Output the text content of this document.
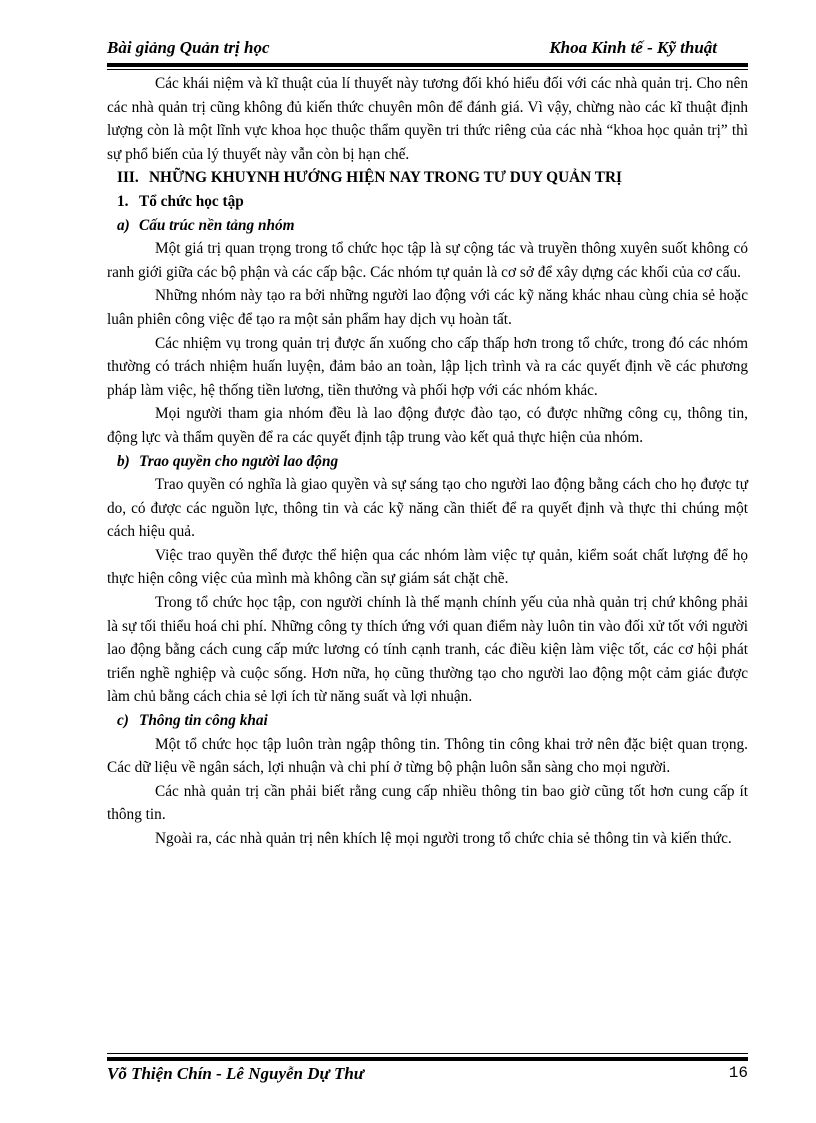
Bài giảng Quản trị học	Khoa Kinh tế - Kỹ thuật

Các khái niệm và kĩ thuật của lí thuyết này tương đối khó hiểu đối với các nhà quản trị. Cho nên các nhà quản trị cũng không đủ kiến thức chuyên môn để đánh giá. Vì vậy, chừng nào các kĩ thuật định lượng còn là một lĩnh vực khoa học thuộc thẩm quyền tri thức riêng của các nhà “khoa học quản trị” thì sự phổ biến của lý thuyết này vẫn còn bị hạn chế.

III. NHỮNG KHUYNH HƯỚNG HIỆN NAY TRONG TƯ DUY QUẢN TRỊ
1. Tổ chức học tập
a) Cấu trúc nền tảng nhóm

Một giá trị quan trọng trong tổ chức học tập là sự cộng tác và truyền thông xuyên suốt không có ranh giới giữa các bộ phận và các cấp bậc. Các nhóm tự quản là cơ sở để xây dựng các khối của cơ cấu.

Những nhóm này tạo ra bởi những người lao động với các kỹ năng khác nhau cùng chia sẻ hoặc luân phiên công việc để tạo ra một sản phẩm hay dịch vụ hoàn tất.

Các nhiệm vụ trong quản trị được ấn xuống cho cấp thấp hơn trong tổ chức, trong đó các nhóm thường có trách nhiệm huấn luyện, đảm bảo an toàn, lập lịch trình và ra các quyết định về các phương pháp làm việc, hệ thống tiền lương, tiền thưởng và phối hợp với các nhóm khác.

Mọi người tham gia nhóm đều là lao động được đào tạo, có được những công cụ, thông tin, động lực và thẩm quyền để ra các quyết định tập trung vào kết quả thực hiện của nhóm.

b) Trao quyền cho người lao động

Trao quyền có nghĩa là giao quyền và sự sáng tạo cho người lao động bằng cách cho họ được tự do, có được các nguồn lực, thông tin và các kỹ năng cần thiết để ra quyết định và thực thi chúng một cách hiệu quả.

Việc trao quyền thể được thể hiện qua các nhóm làm việc tự quản, kiểm soát chất lượng để họ thực hiện công việc của mình mà không cần sự giám sát chặt chẽ.

Trong tổ chức học tập, con người chính là thế mạnh chính yếu của nhà quản trị chứ không phải là sự tối thiểu hoá chi phí. Những công ty thích ứng với quan điểm này luôn tin vào đối xử tốt với người lao động bằng cách cung cấp mức lương có tính cạnh tranh, các điều kiện làm việc tốt, các cơ hội phát triển nghề nghiệp và cuộc sống. Hơn nữa, họ cũng thường tạo cho người lao động một cảm giác được làm chủ bằng cách chia sẻ lợi ích từ năng suất và lợi nhuận.

c) Thông tin công khai

Một tổ chức học tập luôn tràn ngập thông tin. Thông tin công khai trở nên đặc biệt quan trọng. Các dữ liệu về ngân sách, lợi nhuận và chi phí ở từng bộ phận luôn sẵn sàng cho mọi người.

Các nhà quản trị cần phải biết rằng cung cấp nhiều thông tin bao giờ cũng tốt hơn cung cấp ít thông tin.

Ngoài ra, các nhà quản trị nên khích lệ mọi người trong tổ chức chia sẻ thông tin và kiến thức.

Võ Thiện Chín - Lê Nguyễn Dự Thư	16
